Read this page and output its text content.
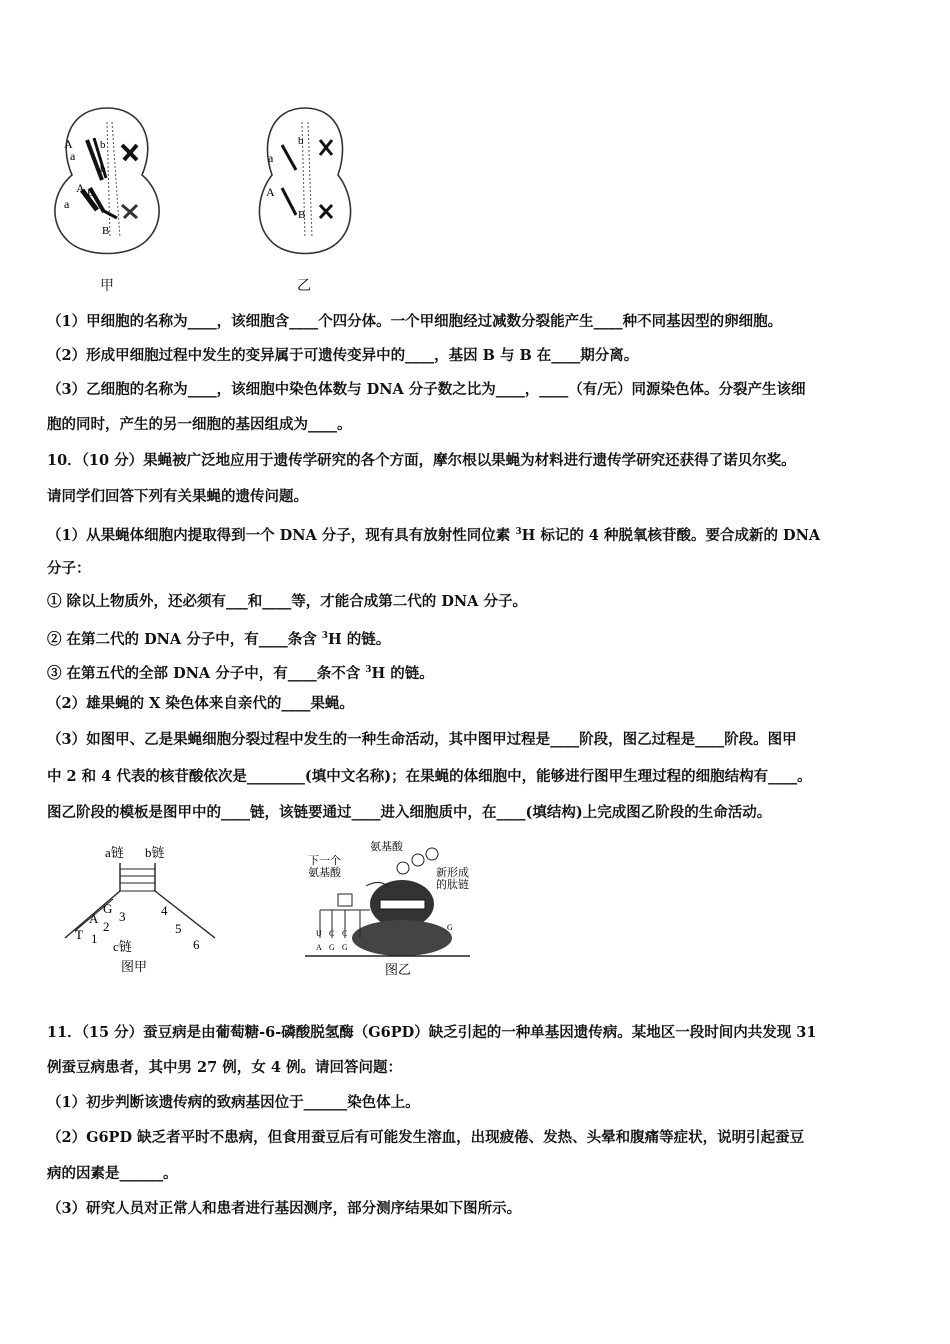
A
a
A
a
B
b
b
B
甲
a
A
b
B
乙
（1）甲细胞的名称为____，该细胞含____个四分体。一个甲细胞经过减数分裂能产生____种不同基因型的卵细胞。
（2）形成甲细胞过程中发生的变异属于可遗传变异中的____，基因 B 与 B 在____期分离。
（3）乙细胞的名称为____，该细胞中染色体数与 DNA 分子数之比为____，____（有/无）同源染色体。分裂产生该细
胞的同时，产生的另一细胞的基因组成为____。
10．（10 分）果蝇被广泛地应用于遗传学研究的各个方面，摩尔根以果蝇为材料进行遗传学研究还获得了诺贝尔奖。
请同学们回答下列有关果蝇的遗传问题。
（1）从果蝇体细胞内提取得到一个 DNA 分子，现有具有放射性同位素 $^3$H 标记的 4 种脱氧核苷酸。要合成新的 DNA
分子：
① 除以上物质外，还必须有___和____等，才能合成第二代的 DNA 分子。
② 在第二代的 DNA 分子中，有____条含 $^3$H 的链。
③ 在第五代的全部 DNA 分子中，有____条不含 $^3$H 的链。
（2）雄果蝇的 X 染色体来自亲代的____果蝇。
（3）如图甲、乙是果蝇细胞分裂过程中发生的一种生命活动，其中图甲过程是____阶段，图乙过程是____阶段。图甲
中 2 和 4 代表的核苷酸依次是________(填中文名称)；在果蝇的体细胞中，能够进行图甲生理过程的细胞结构有____。
图乙阶段的模板是图甲中的____链，该链要通过____进入细胞质中，在____(填结构)上完成图乙阶段的生命活动。
a链 b链
A
G
T 1
2
3	4
5
6
c链
图甲
氨基酸
下一个
氨基酸	新形成
的肽链
U C C
A G G
G
图乙
11．（15 分）蚕豆病是由葡萄糖-6-磷酸脱氢酶（G6PD）缺乏引起的一种单基因遗传病。某地区一段时间内共发现 31
例蚕豆病患者，其中男 27 例，女 4 例。请回答问题：
（1）初步判断该遗传病的致病基因位于______染色体上。
（2）G6PD 缺乏者平时不患病，但食用蚕豆后有可能发生溶血，出现疲倦、发热、头晕和腹痛等症状，说明引起蚕豆
病的因素是______。
（3）研究人员对正常人和患者进行基因测序，部分测序结果如下图所示。
